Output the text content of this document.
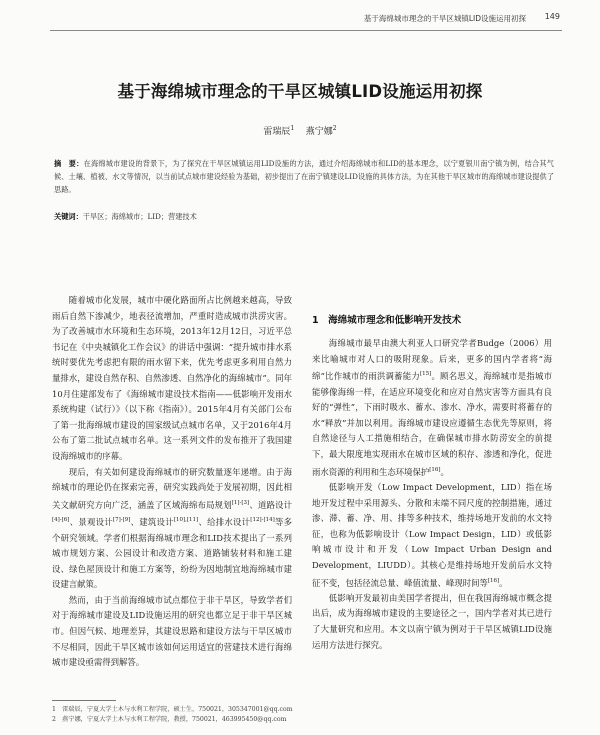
基于海绵城市理念的干旱区城镇LID设施运用初探 149
基于海绵城市理念的干旱区城镇LID设施运用初探
雷瑞辰$^1$ 燕宁娜$^2$
摘　要：在海绵城市建设的背景下，为了探究在干旱区城镇运用LID设施的方法，通过介绍海绵城市和LID的基本理念，以宁夏银川南宁镇为例，结合其气候、土壤、植被、水文等情况，以当前试点城市建设经验为基础，初步提出了在南宁镇建设LID设施的具体方法，为在其他干旱区城市的海绵城市建设提供了思路。
关键词：干旱区；海绵城市；LID；营建技术

随着城市化发展，城市中硬化路面所占比例越来越高，导致雨后自然下渗减少，地表径流增加，严重时造成城市洪涝灾害。为了改善城市水环境和生态环境，2013年12月12日，习近平总书记在《中央城镇化工作会议》的讲话中强调：“提升城市排水系统时要优先考虑把有限的雨水留下来，优先考虑更多利用自然力量排水，建设自然存积、自然渗透、自然净化的海绵城市”。同年10月住建部发布了《海绵城市建设技术指南——低影响开发雨水系统构建（试行）》（以下称《指南》）。2015年4月有关部门公布了第一批海绵城市建设的国家级试点城市名单，又于2016年4月公布了第二批试点城市名单。这一系列文件的发布推开了我国建设海绵城市的序幕。

现后，有关如何建设海绵城市的研究数量逐年递增。由于海绵城市的理论仍在探索完善，研究实践尚处于发展初期，因此相关文献研究方向广泛，涵盖了区域海绵布局规划[1]-[3]、道路设计[4]-[6]、景观设计[7]-[9]、建筑设计[10],[11]、给排水设计[12]-[14]等多个研究领域。学者们根据海绵城市理念和LID技术提出了一系列城市规划方案、公园设计和改造方案、道路铺装材料和施工建设、绿色屋顶设计和施工方案等，纷纷为因地制宜地海绵城市建设建言献策。

然而，由于当前海绵城市试点都位于非干旱区，导致学者们对于海绵城市建设及LID设施运用的研究也都立足于非干旱区城市。但因气候、地理差异，其建设思路和建设方法与干旱区城市不尽相同，因此干旱区城市该如何运用适宜的营建技术进行海绵城市建设亟需得到解答。

1　海绵城市理念和低影响开发技术

海绵城市最早由澳大利亚人口研究学者Budge（2006）用来比喻城市对人口的吸附现象。后来，更多的国内学者将“海绵”比作城市的雨洪调蓄能力[15]。顾名思义，海绵城市是指城市能够像海绵一样，在适应环境变化和应对自然灾害等方面具有良好的“弹性”，下雨时吸水、蓄水、渗水、净水，需要时将蓄存的水“释放”并加以利用。海绵城市建设应遵循生态优先等原则，将自然途径与人工措施相结合，在确保城市排水防涝安全的前提下，最大限度地实现雨水在城市区域的积存、渗透和净化，促进雨水资源的利用和生态环境保护[16]。

低影响开发（Low Impact Development，LID）指在场地开发过程中采用源头、分散和末端不同尺度的控制措施，通过渗、滞、蓄、净、用、排等多种技术，维持场地开发前的水文特征，也称为低影响设计（Low Impact Design，LID）或低影响城市设计和开发（Low Impact Urban Design and Development，LIUDD）。其核心是维持场地开发前后水文特征不变，包括径流总量、峰值流量、峰现时间等[16]。

低影响开发最初由美国学者提出，但在我国海绵城市概念提出后，成为海绵城市建设的主要途径之一，国内学者对其已进行了大量研究和应用。本文以南宁镇为例对于干旱区城镇LID设施运用方法进行探究。

1　雷瑞辰，宁夏大学土木与水利工程学院，硕士生，750021，305347001@qq.com
2　燕宁娜，宁夏大学土木与水利工程学院，教授，750021，463995450@qq.com
